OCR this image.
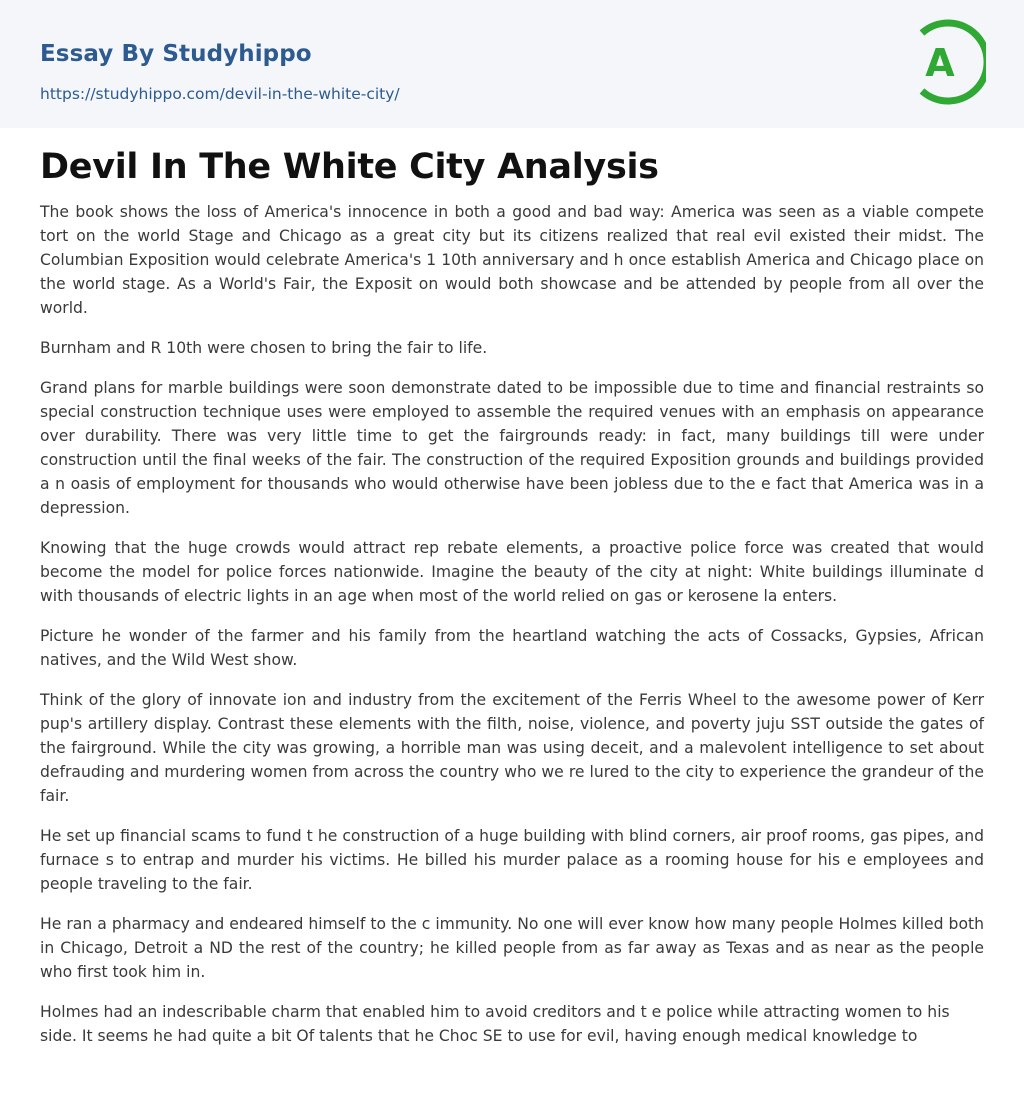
Essay By Studyhippo
https://studyhippo.com/devil-in-the-white-city/
A
Devil In The White City Analysis

The book shows the loss of America's innocence in both a good and bad way: America was seen as a viable compete tort on the world Stage and Chicago as a great city but its citizens realized that real evil existed their midst. The Columbian Exposition would celebrate America's 1 10th anniversary and h once establish America and Chicago place on the world stage. As a World's Fair, the Exposit on would both showcase and be attended by people from all over the world.

Burnham and R 10th were chosen to bring the fair to life.

Grand plans for marble buildings were soon demonstrate dated to be impossible due to time and financial restraints so special construction technique uses were employed to assemble the required venues with an emphasis on appearance over durability. There was very little time to get the fairgrounds ready: in fact, many buildings till were under construction until the final weeks of the fair. The construction of the required Exposition grounds and buildings provided a n oasis of employment for thousands who would otherwise have been jobless due to the e fact that America was in a depression.

Knowing that the huge crowds would attract rep rebate elements, a proactive police force was created that would become the model for police forces nationwide. Imagine the beauty of the city at night: White buildings illuminate d with thousands of electric lights in an age when most of the world relied on gas or kerosene la enters.

Picture he wonder of the farmer and his family from the heartland watching the acts of Cossacks, Gypsies, African natives, and the Wild West show.

Think of the glory of innovate ion and industry from the excitement of the Ferris Wheel to the awesome power of Kerr pup's artillery display. Contrast these elements with the filth, noise, violence, and poverty juju SST outside the gates of the fairground. While the city was growing, a horrible man was using deceit, and a malevolent intelligence to set about defrauding and murdering women from across the country who we re lured to the city to experience the grandeur of the fair.

He set up financial scams to fund t he construction of a huge building with blind corners, air proof rooms, gas pipes, and furnace s to entrap and murder his victims. He billed his murder palace as a rooming house for his e employees and people traveling to the fair.

He ran a pharmacy and endeared himself to the c immunity. No one will ever know how many people Holmes killed both in Chicago, Detroit a ND the rest of the country; he killed people from as far away as Texas and as near as the people who first took him in.

Holmes had an indescribable charm that enabled him to avoid creditors and t e police while attracting women to his side. It seems he had quite a bit Of talents that he Choc SE to use for evil, having enough medical knowledge to
